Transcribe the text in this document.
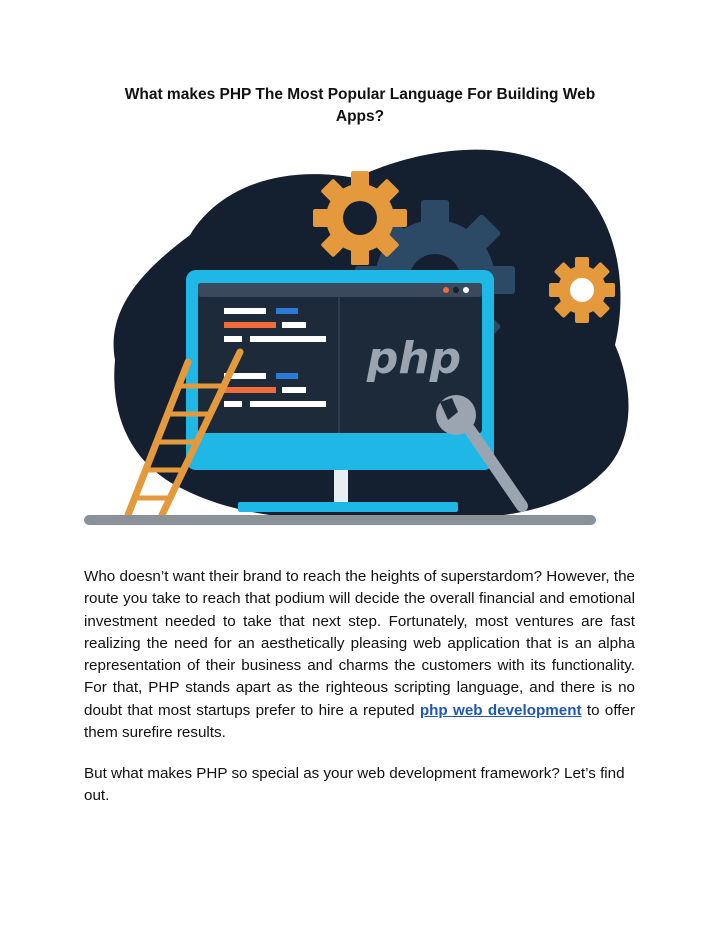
What makes PHP The Most Popular Language For Building Web Apps?
php

Who doesn’t want their brand to reach the heights of superstardom? However, the route you take to reach that podium will decide the overall financial and emotional investment needed to take that next step. Fortunately, most ventures are fast realizing the need for an aesthetically pleasing web application that is an alpha representation of their business and charms the customers with its functionality. For that, PHP stands apart as the righteous scripting language, and there is no doubt that most startups prefer to hire a reputed php web development to offer them surefire results.

But what makes PHP so special as your web development framework? Let’s find out.
